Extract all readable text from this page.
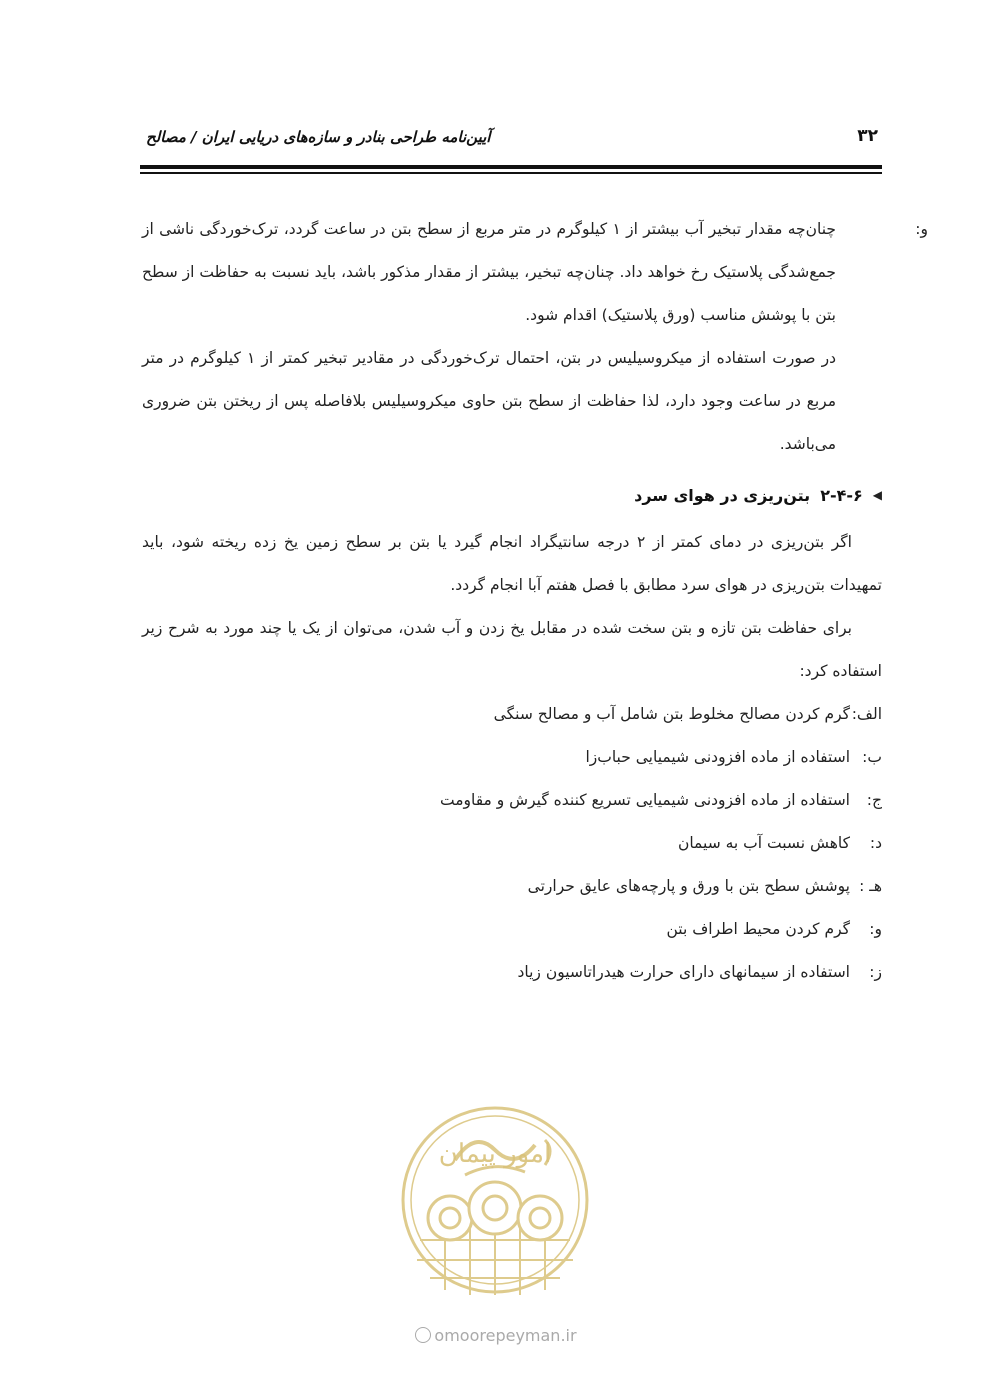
آیین‌نامه طراحی بنادر و سازه‌های دریایی ایران / مصالح	۳۲
و:

چنان‌چه مقدار تبخیر آب بیشتر از ۱ کیلوگرم در متر مربع از سطح بتن در ساعت گردد، ترک‌خوردگی ناشی از جمع‌شدگی پلاستیک رخ خواهد داد. چنان‌چه تبخیر، بیشتر از مقدار مذکور باشد، باید نسبت به حفاظت از سطح بتن با پوشش مناسب (ورق پلاستیک) اقدام شود.

در صورت استفاده از میکروسیلیس در بتن، احتمال ترک‌خوردگی در مقادیر تبخیر کمتر از ۱ کیلوگرم در متر مربع در ساعت وجود دارد، لذا حفاظت از سطح بتن حاوی میکروسیلیس بلافاصله پس از ریختن بتن ضروری می‌باشد.

◀
۲-۴-۶
بتن‌ریزی در هوای سرد

اگر بتن‌ریزی در دمای کمتر از ۲ درجه سانتیگراد انجام گیرد یا بتن بر سطح زمین یخ زده ریخته شود، باید تمهیدات بتن‌ریزی در هوای سرد مطابق با فصل هفتم آبا انجام گردد.

برای حفاظت بتن تازه و بتن سخت شده در مقابل یخ زدن و آب شدن، می‌توان از یک یا چند مورد به شرح زیر استفاده کرد:

الف:
گرم کردن مصالح مخلوط بتن شامل آب و مصالح سنگی
ب:
استفاده از ماده افزودنی شیمیایی حباب‌زا
ج:
استفاده از ماده افزودنی شیمیایی تسریع کننده گیرش و مقاومت
د:
کاهش نسبت آب به سیمان
هـ :
پوشش سطح بتن با ورق و پارچه‌های عایق حرارتی
و:
گرم کردن محیط اطراف بتن
ز:
استفاده از سیمانهای دارای حرارت هیدراتاسیون زیاد
امور پیمان
omoorepeyman.ir
